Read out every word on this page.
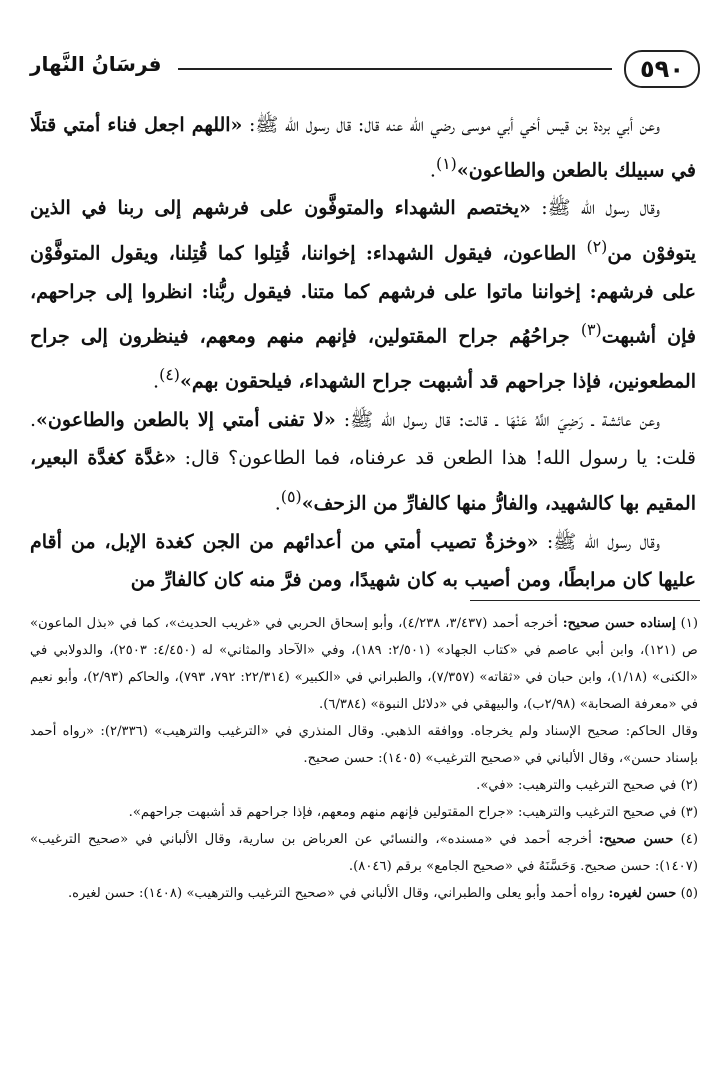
٥٩٠
فرسَانُ النَّهار

وعن أبي بردة بن قيس أخي أبي موسى رضي الله عنه قال: قال رسول الله ﷺ: «اللهم اجعل فناء أمتي قتلًا في سبيلك بالطعن والطاعون»$^{(١)}$.

وقال رسول الله ﷺ: «يختصم الشهداء والمتوفَّون على فرشهم إلى ربنا في الذين يتوفوْن من$^{(٢)}$ الطاعون، فيقول الشهداء: إخواننا، قُتِلوا كما قُتِلنا، ويقول المتوفَّوْن على فرشهم: إخواننا ماتوا على فرشهم كما متنا. فيقول ربُّنا: انظروا إلى جراحهم، فإن أشبهت$^{(٣)}$ جراحُهُم جراح المقتولين، فإنهم منهم ومعهم، فينظرون إلى جراح المطعونين، فإذا جراحهم قد أشبهت جراح الشهداء، فيلحقون بهم»$^{(٤)}$.

وعن عائشة ـ رَضِيَ اللَّهُ عَنْهَا ـ قالت: قال رسول الله ﷺ: «لا تفنى أمتي إلا بالطعن والطاعون». قلت: يا رسول الله! هذا الطعن قد عرفناه، فما الطاعون؟ قال: «غدَّة كغدَّة البعير، المقيم بها كالشهيد، والفارُّ منها كالفارِّ من الزحف»$^{(٥)}$.

وقال رسول الله ﷺ: «وخزةٌ تصيب أمتي من أعدائهم من الجن كغدة الإبل، من أقام عليها كان مرابطًا، ومن أصيب به كان شهيدًا، ومن فرَّ منه كان كالفارِّ من

(١) إسناده حسن صحيح: أخرجه أحمد (٣/٤٣٧، ٤/٢٣٨)، وأبو إسحاق الحربي في «غريب الحديث»، كما في «بذل الماعون» ص (١٢١)، وابن أبي عاصم في «كتاب الجهاد» (٢/٥٠١: ١٨٩)، وفي «الآحاد والمثاني» له (٤/٤٥٠: ٢٥٠٣)، والدولابي في «الكنى» (١/١٨)، وابن حبان في «ثقاته» (٧/٣٥٧)، والطبراني في «الكبير» (٢٢/٣١٤: ٧٩٢، ٧٩٣)، والحاكم (٢/٩٣)، وأبو نعيم في «معرفة الصحابة» (٢/٩٨ب)، والبيهقي في «دلائل النبوة» (٦/٣٨٤).

وقال الحاكم: صحيح الإسناد ولم يخرجاه. ووافقه الذهبي. وقال المنذري في «الترغيب والترهيب» (٢/٣٣٦): «رواه أحمد بإسناد حسن»، وقال الألباني في «صحيح الترغيب» (١٤٠٥): حسن صحيح.

(٢) في صحيح الترغيب والترهيب: «في».

(٣) في صحيح الترغيب والترهيب: «جراح المقتولين فإنهم منهم ومعهم، فإذا جراحهم قد أشبهت جراحهم».

(٤) حسن صحيح: أخرجه أحمد في «مسنده»، والنسائي عن العرباض بن سارية، وقال الألباني في «صحيح الترغيب» (١٤٠٧): حسن صحيح. وَحَسَّنَهُ في «صحيح الجامع» برقم (٨٠٤٦).

(٥) حسن لغيره: رواه أحمد وأبو يعلى والطبراني، وقال الألباني في «صحيح الترغيب والترهيب» (١٤٠٨): حسن لغيره.
